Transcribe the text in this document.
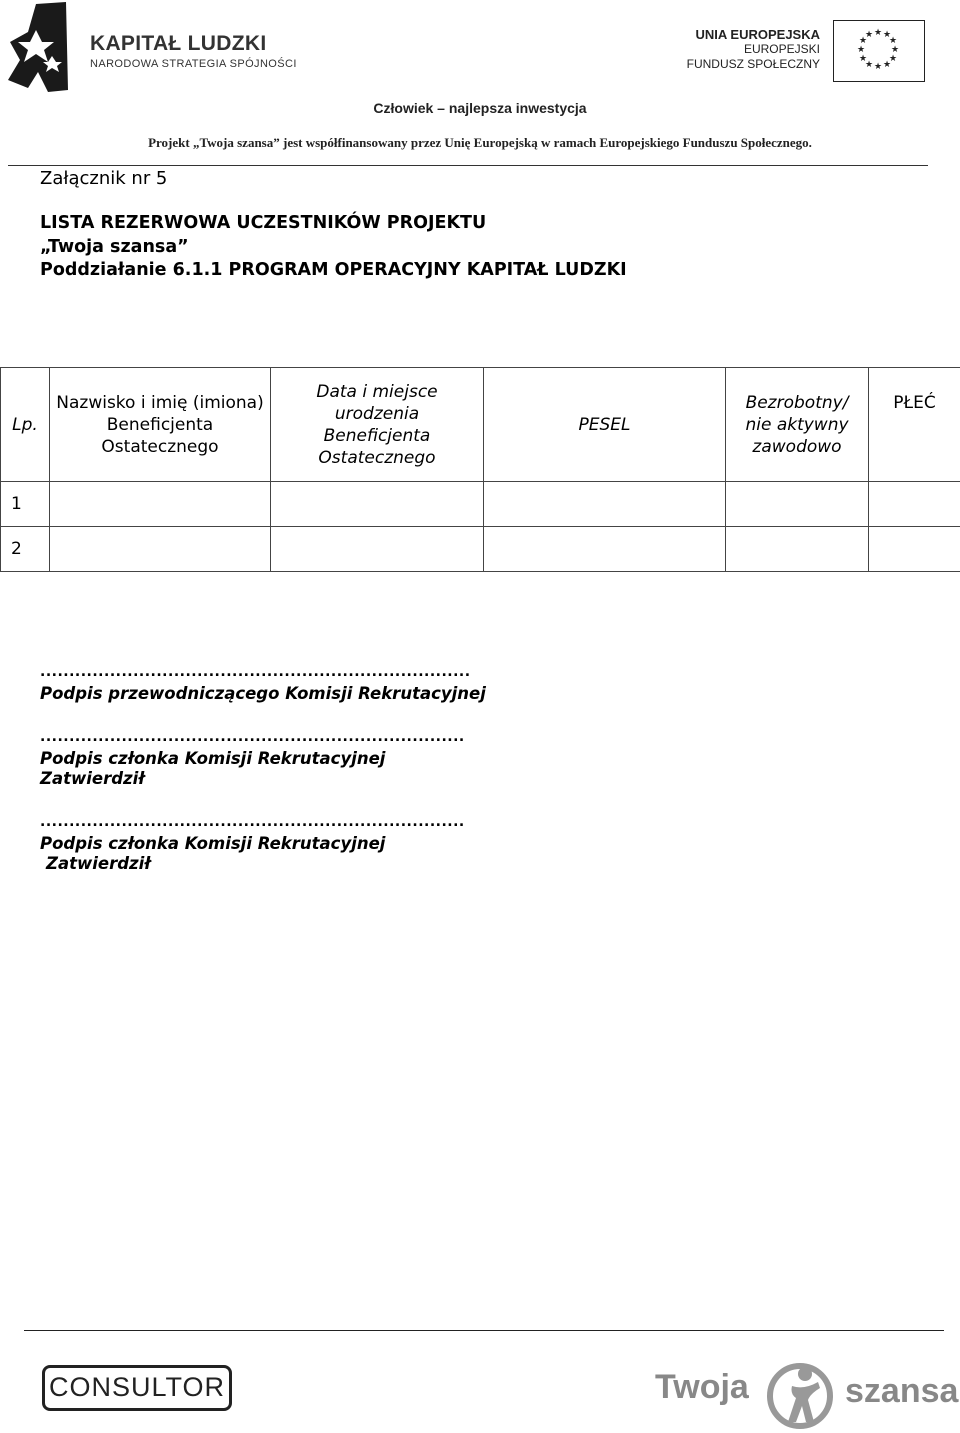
KAPITAŁ LUDZKI
NARODOWA STRATEGIA SPÓJNOŚCI
UNIA EUROPEJSKA
EUROPEJSKI
FUNDUSZ SPOŁECZNY
★ ★
★
★
★
★
★
★
★
★
★
★
Człowiek – najlepsza inwestycja
Projekt „Twoja szansa” jest współfinansowany przez Unię Europejską w ramach Europejskiego Funduszu Społecznego.
Załącznik nr 5
LISTA REZERWOWA UCZESTNIKÓW PROJEKTU
„Twoja szansa”
Poddziałanie 6.1.1 PROGRAM OPERACYJNY KAPITAŁ LUDZKI
Lp.	Nazwisko i imię (imiona) Beneficjenta Ostatecznego	Data i miejsce urodzenia Beneficjenta Ostatecznego	PESEL	Bezrobotny/ nie aktywny zawodowo	PŁEĆ
1					
2					
..........................................................................
Podpis przewodniczącego Komisji Rekrutacyjnej
.........................................................................
Podpis członka Komisji Rekrutacyjnej
Zatwierdził
.........................................................................
Podpis członka Komisji Rekrutacyjnej
Zatwierdził
CONSULTOR	Twoja	szansa
